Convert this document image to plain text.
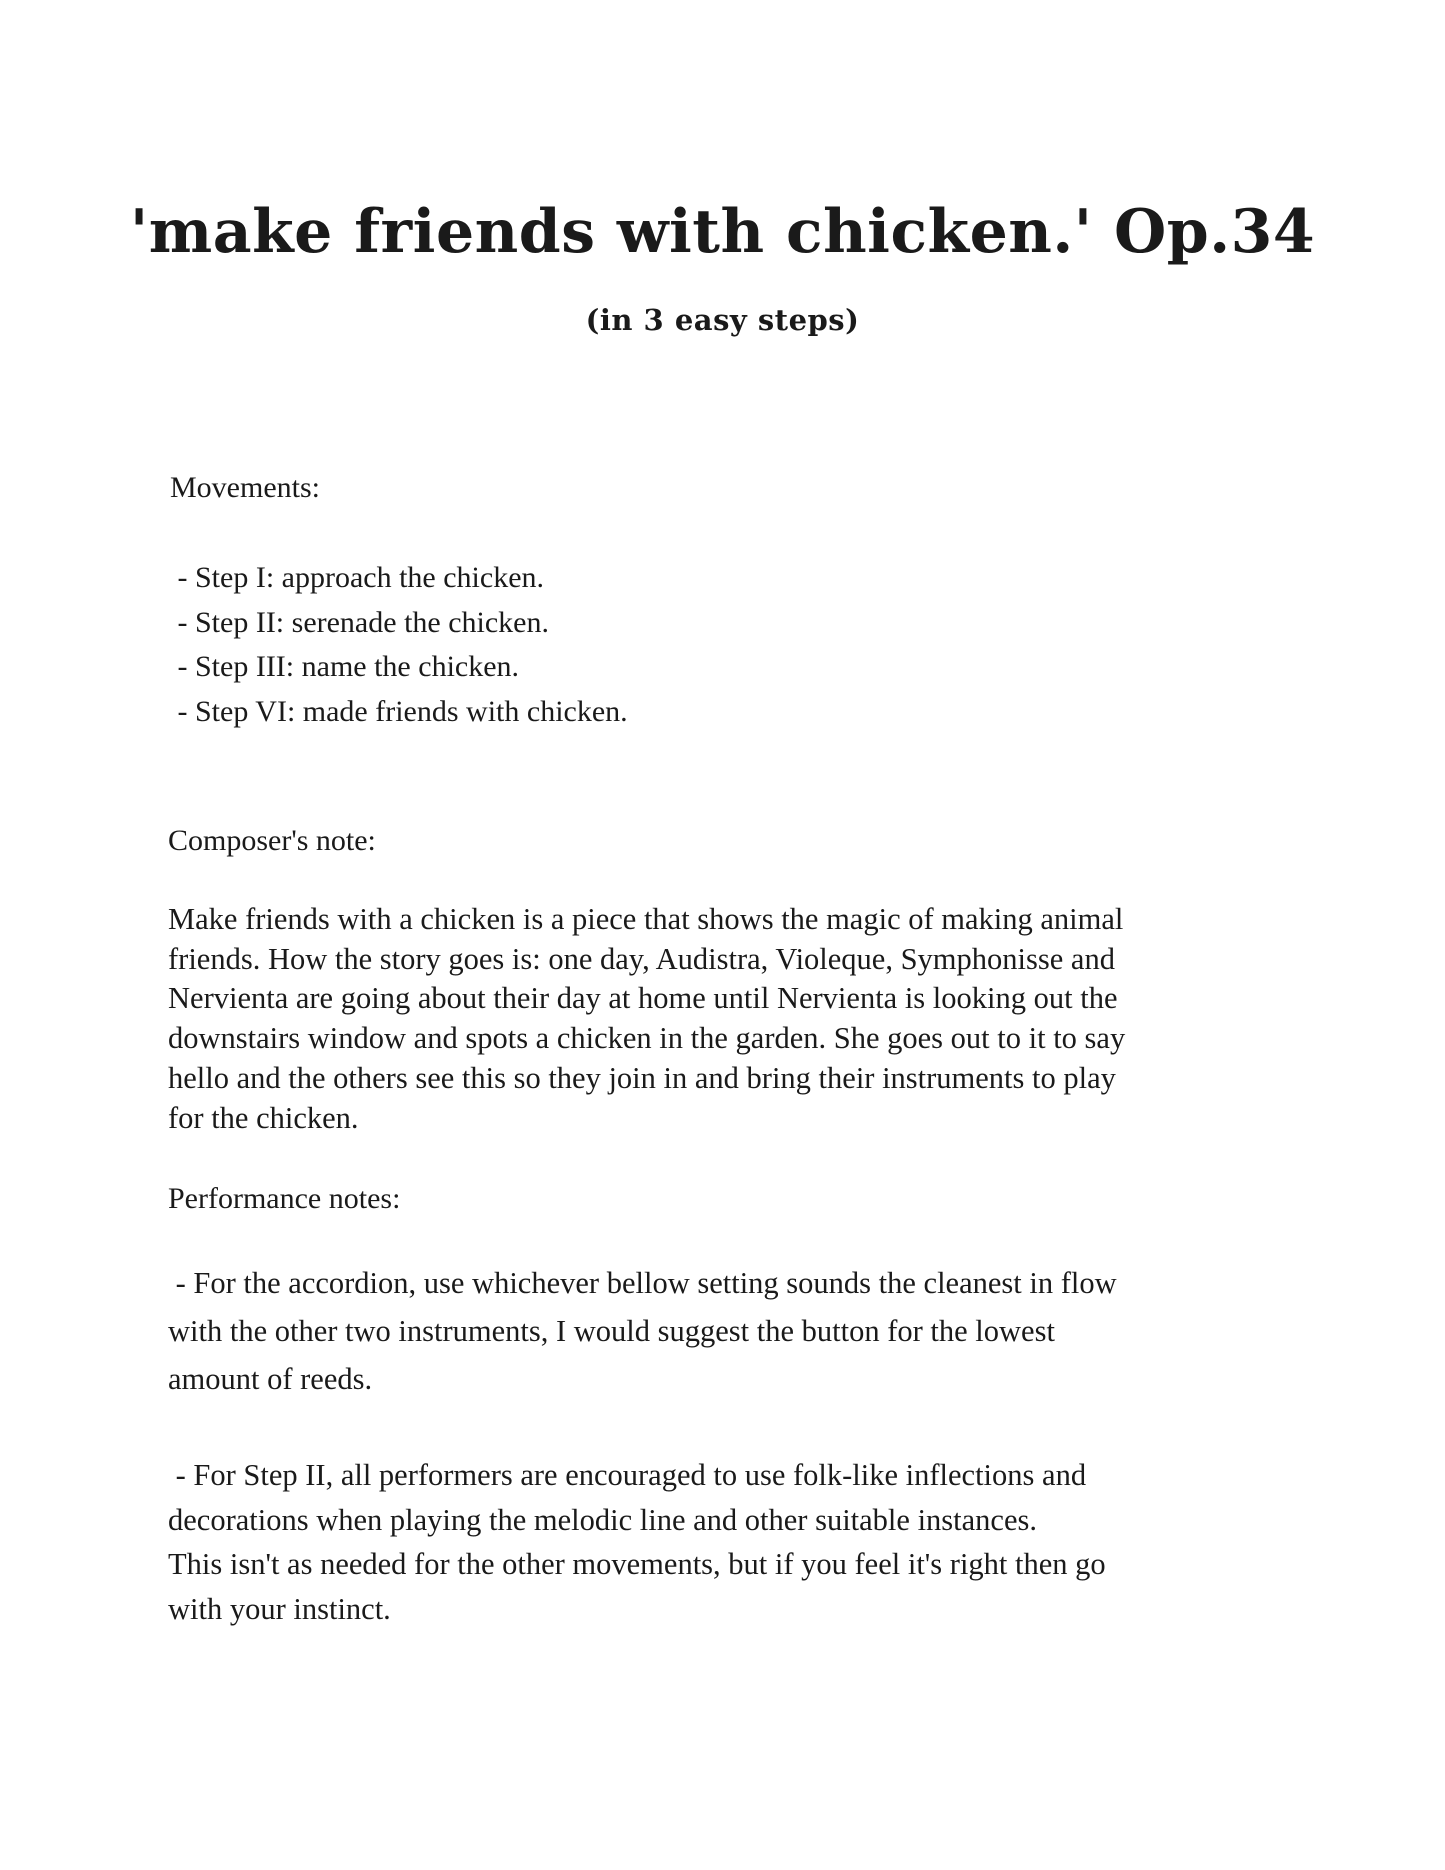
'make friends with chicken.' Op.34
(in 3 easy steps)

Movements:

- Step I: approach the chicken.
- Step II: serenade the chicken.
- Step III: name the chicken.
- Step VI: made friends with chicken.

Composer's note:

Make friends with a chicken is a piece that shows the magic of making animal
friends. How the story goes is: one day, Audistra, Violeque, Symphonisse and
Nervienta are going about their day at home until Nervienta is looking out the
downstairs window and spots a chicken in the garden. She goes out to it to say
hello and the others see this so they join in and bring their instruments to play
for the chicken.

Performance notes:

- For the accordion, use whichever bellow setting sounds the cleanest in flow
with the other two instruments, I would suggest the button for the lowest
amount of reeds.
- For Step II, all performers are encouraged to use folk-like inflections and
decorations when playing the melodic line and other suitable instances.
This isn't as needed for the other movements, but if you feel it's right then go
with your instinct.
